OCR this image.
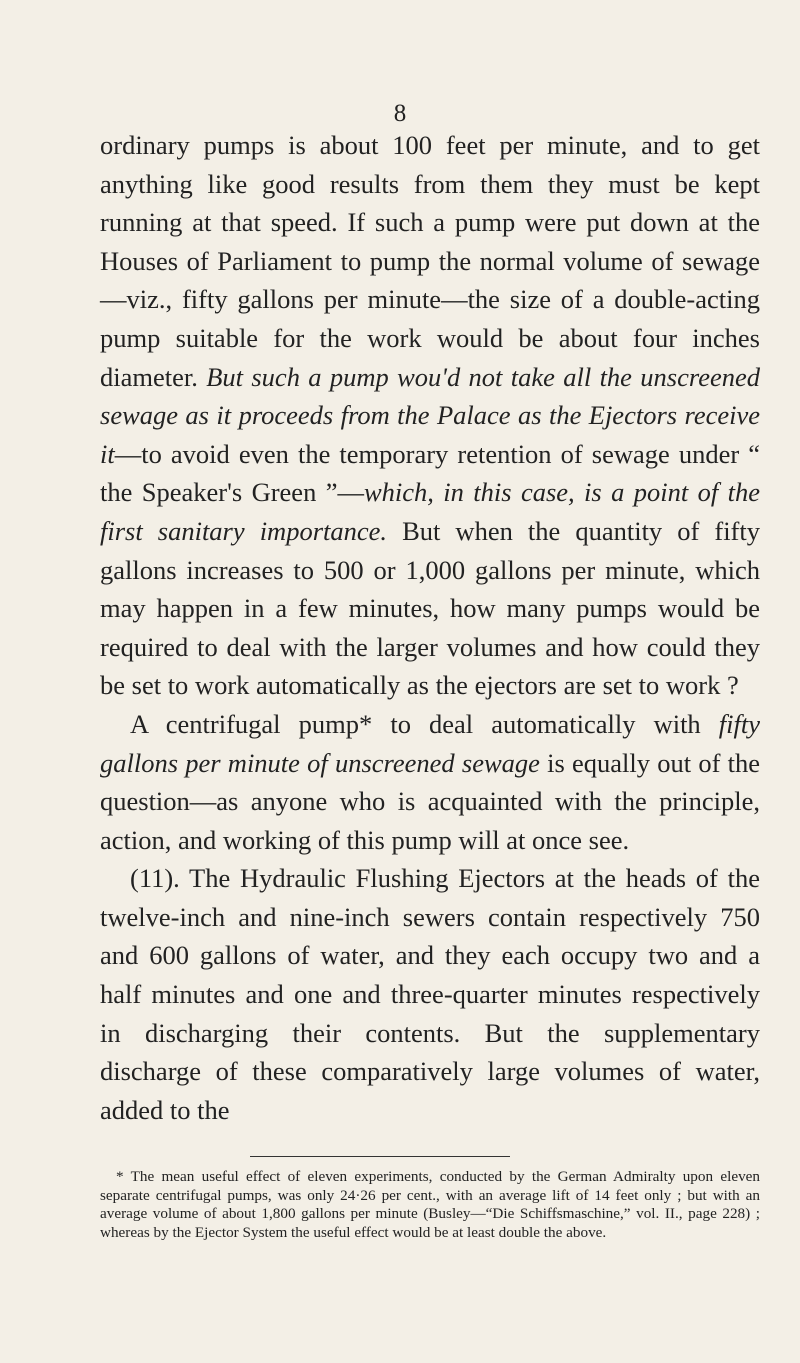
8

ordinary pumps is about 100 feet per minute, and to get anything like good results from them they must be kept running at that speed. If such a pump were put down at the Houses of Parliament to pump the normal volume of sewage—viz., fifty gallons per minute—the size of a double-acting pump suitable for the work would be about four inches diameter. But such a pump wou'd not take all the unscreened sewage as it proceeds from the Palace as the Ejectors receive it—to avoid even the temporary retention of sewage under “ the Speaker's Green ”—which, in this case, is a point of the first sanitary importance. But when the quantity of fifty gallons increases to 500 or 1,000 gallons per minute, which may happen in a few minutes, how many pumps would be required to deal with the larger volumes and how could they be set to work automatically as the ejectors are set to work ?

A centrifugal pump* to deal automatically with fifty gallons per minute of unscreened sewage is equally out of the question—as anyone who is acquainted with the principle, action, and working of this pump will at once see.

(11). The Hydraulic Flushing Ejectors at the heads of the twelve-inch and nine-inch sewers contain respectively 750 and 600 gallons of water, and they each occupy two and a half minutes and one and three-quarter minutes respectively in discharging their contents. But the supplementary discharge of these comparatively large volumes of water, added to the

* The mean useful effect of eleven experiments, conducted by the German Admiralty upon eleven separate centrifugal pumps, was only 24·26 per cent., with an average lift of 14 feet only ; but with an average volume of about 1,800 gallons per minute (Busley—“Die Schiffsmaschine,” vol. II., page 228) ; whereas by the Ejector System the useful effect would be at least double the above.
